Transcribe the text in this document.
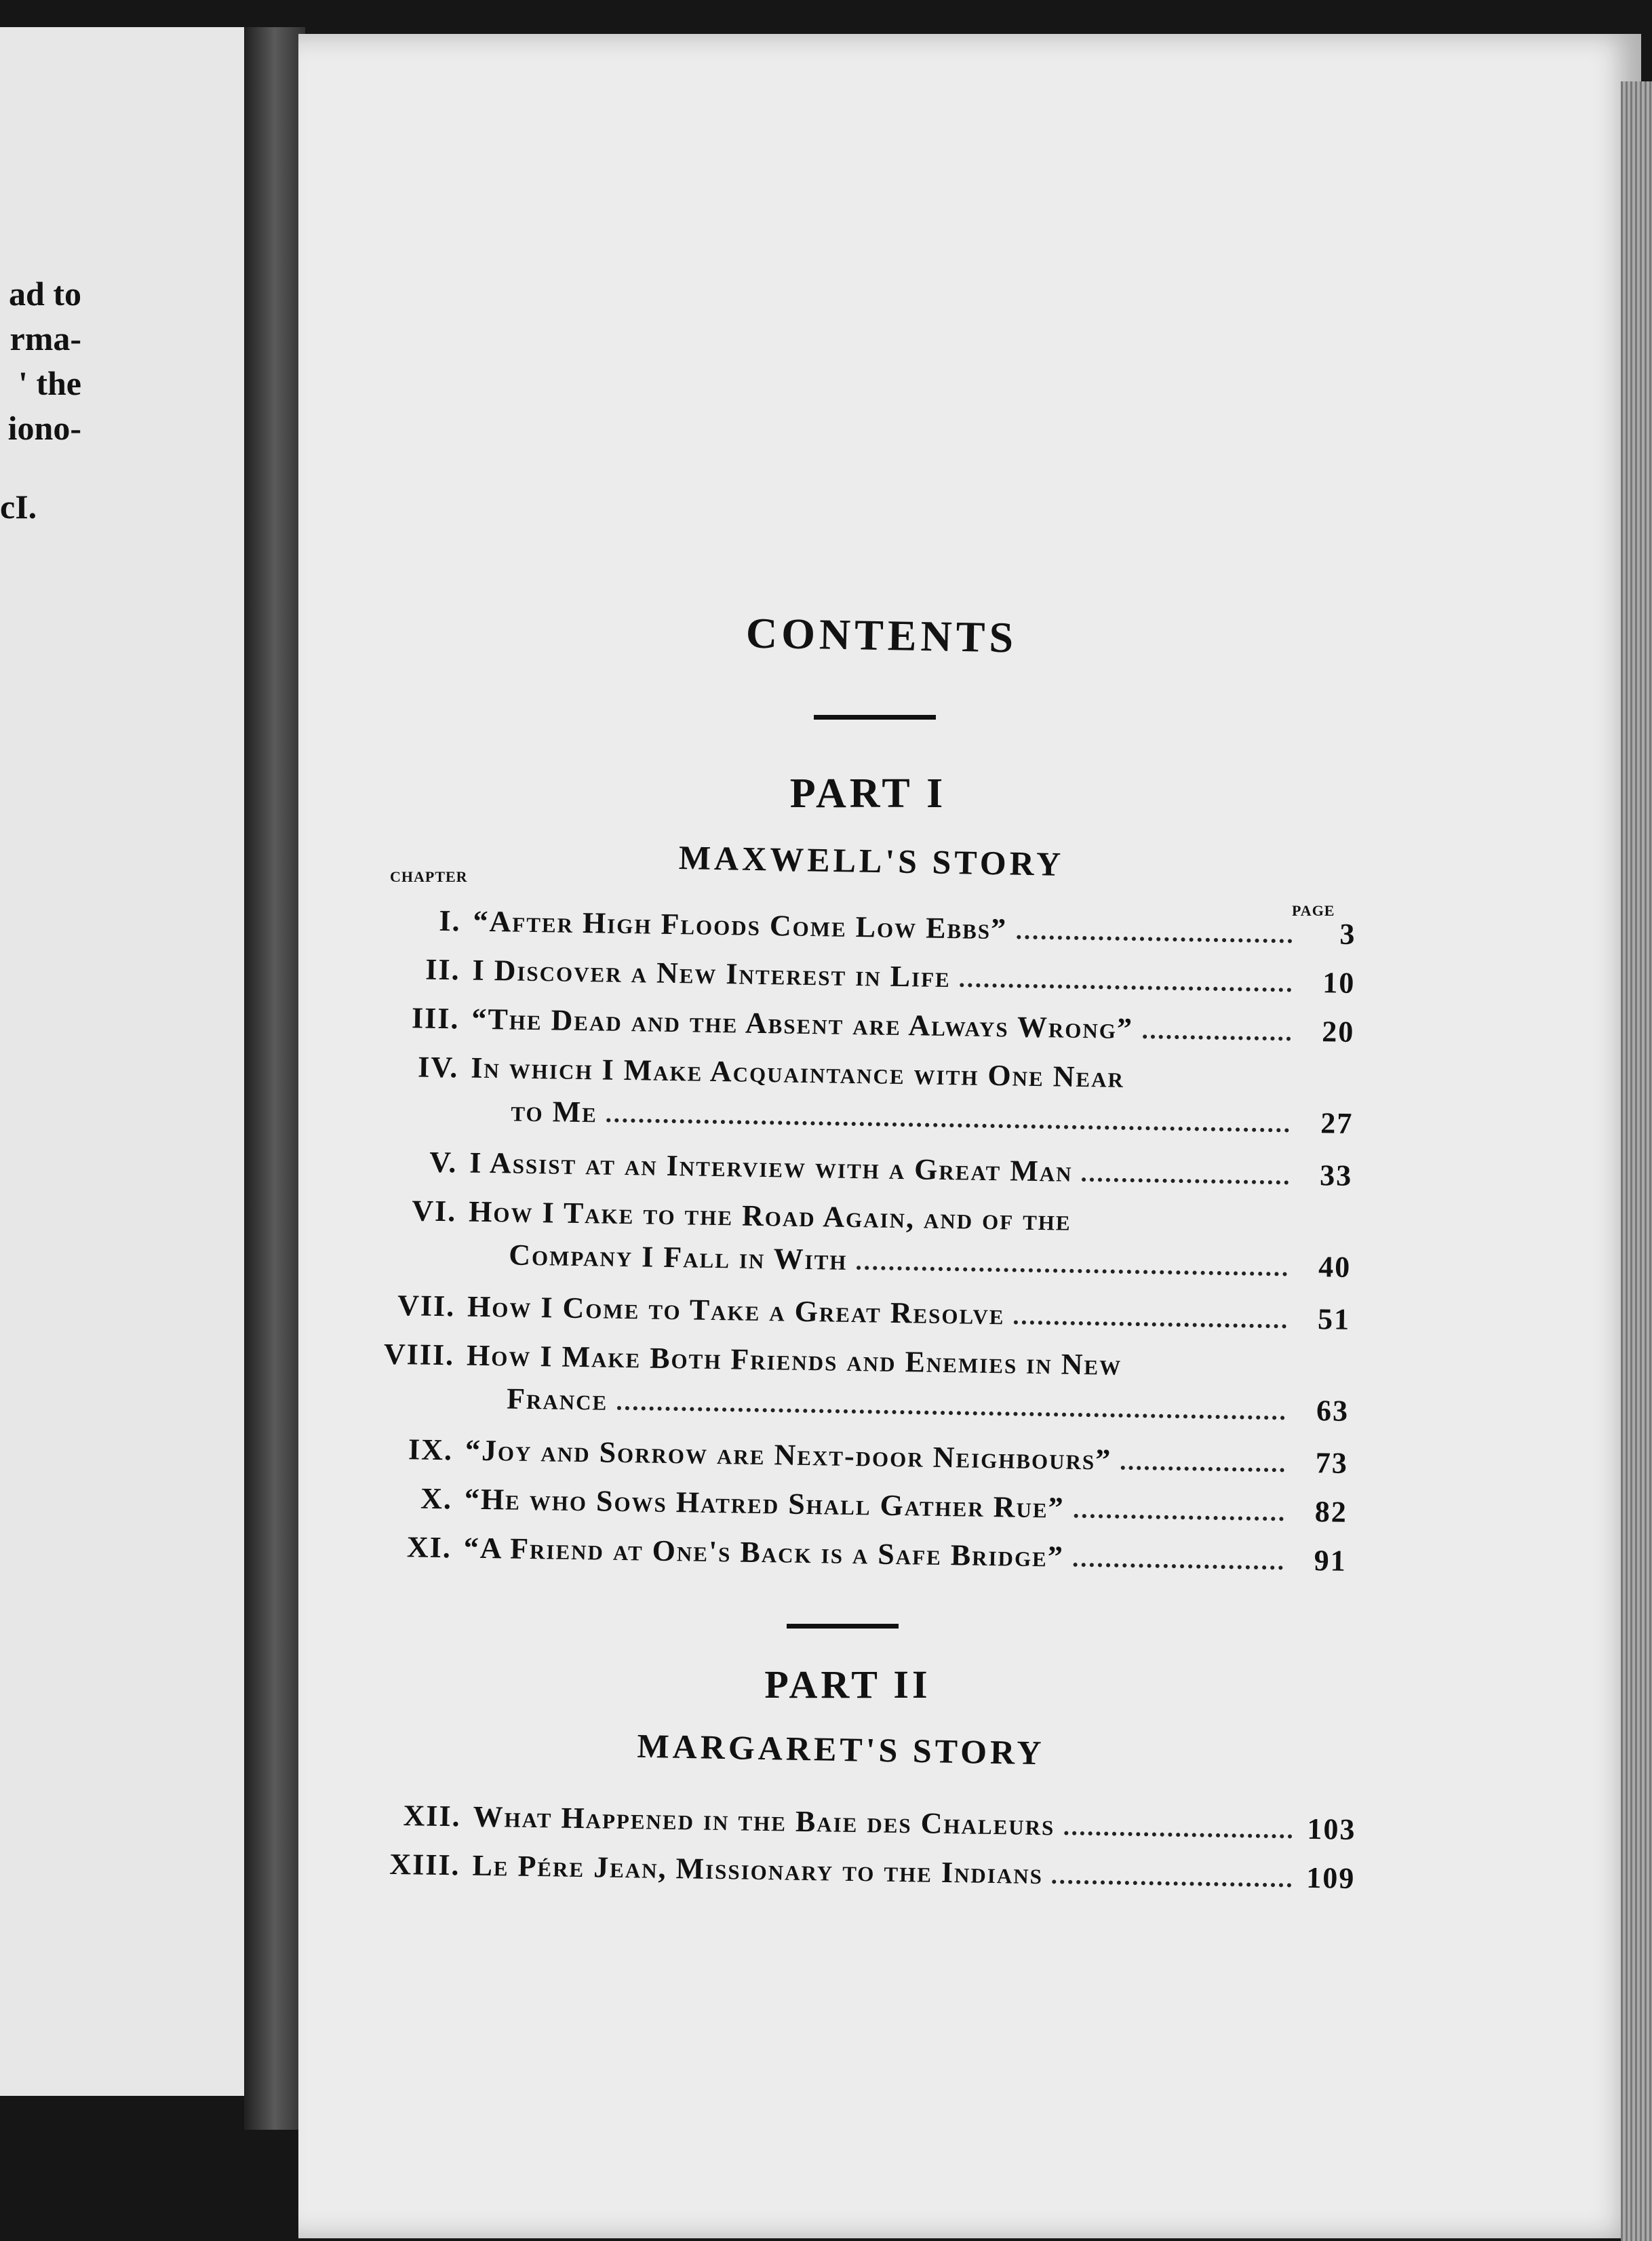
ad to
rma-
' the
iono-
cI.
CONTENTS
PART I
MAXWELL'S STORY
CHAPTER
PAGE
I. “After High Floods Come Low Ebbs”	3
II. I Discover a New Interest in Life	10
III. “The Dead and the Absent are Always Wrong”	20
IV. In which I Make Acquaintance with One Near
to Me	27
V. I Assist at an Interview with a Great Man	33
VI. How I Take to the Road Again, and of the
Company I Fall in With	40
VII. How I Come to Take a Great Resolve	51
VIII. How I Make Both Friends and Enemies in New
France	63
IX. “Joy and Sorrow are Next-door Neighbours”	73
X. “He who Sows Hatred Shall Gather Rue”	82
XI. “A Friend at One's Back is a Safe Bridge”	91
PART II
MARGARET'S STORY
XII. What Happened in the Baie des Chaleurs	103
XIII. Le Pére Jean, Missionary to the Indians	109
